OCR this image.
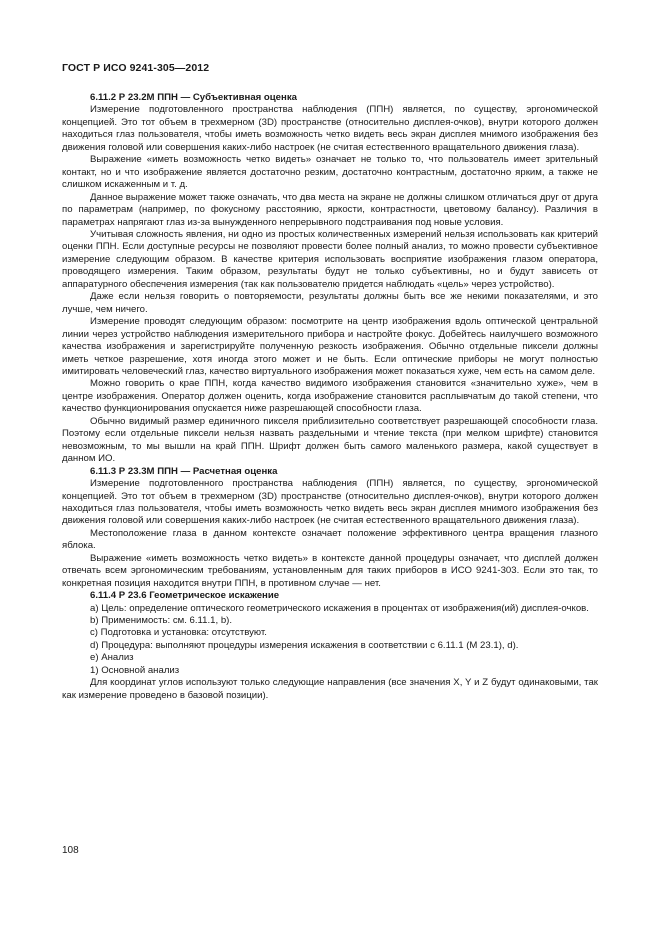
ГОСТ Р ИСО 9241-305—2012

6.11.2 Р 23.2М ППН — Субъективная оценка

Измерение подготовленного пространства наблюдения (ППН) является, по существу, эргономической концепцией. Это тот объем в трехмерном (3D) пространстве (относительно дисплея-очков), внутри которого должен находиться глаз пользователя, чтобы иметь возможность четко видеть весь экран дисплея мнимого изображения без движения головой или совершения каких-либо настроек (не считая естественного вращательного движения глаза).

Выражение «иметь возможность четко видеть» означает не только то, что пользователь имеет зрительный контакт, но и что изображение является достаточно резким, достаточно контрастным, достаточно ярким, а также не слишком искаженным и т. д.

Данное выражение может также означать, что два места на экране не должны слишком отличаться друг от друга по параметрам (например, по фокусному расстоянию, яркости, контрастности, цветовому балансу). Различия в параметрах напрягают глаз из-за вынужденного непрерывного подстраивания под новые условия.

Учитывая сложность явления, ни одно из простых количественных измерений нельзя использовать как критерий оценки ППН. Если доступные ресурсы не позволяют провести более полный анализ, то можно провести субъективное измерение следующим образом. В качестве критерия использовать восприятие изображения глазом оператора, проводящего измерения. Таким образом, результаты будут не только субъективны, но и будут зависеть от аппаратурного обеспечения измерения (так как пользователю придется наблюдать «цель» через устройство).

Даже если нельзя говорить о повторяемости, результаты должны быть все же некими показателями, и это лучше, чем ничего.

Измерение проводят следующим образом: посмотрите на центр изображения вдоль оптической центральной линии через устройство наблюдения измерительного прибора и настройте фокус. Добейтесь наилучшего возможного качества изображения и зарегистрируйте полученную резкость изображения. Обычно отдельные пиксели должны иметь четкое разрешение, хотя иногда этого может и не быть. Если оптические приборы не могут полностью имитировать человеческий глаз, качество виртуального изображения может показаться хуже, чем есть на самом деле.

Можно говорить о крае ППН, когда качество видимого изображения становится «значительно хуже», чем в центре изображения. Оператор должен оценить, когда изображение становится расплывчатым до такой степени, что качество функционирования опускается ниже разрешающей способности глаза.

Обычно видимый размер единичного пикселя приблизительно соответствует разрешающей способности глаза. Поэтому если отдельные пиксели нельзя назвать раздельными и чтение текста (при мелком шрифте) становится невозможным, то мы вышли на край ППН. Шрифт должен быть самого маленького размера, какой существует в данном ИО.

6.11.3 Р 23.3М ППН — Расчетная оценка

Измерение подготовленного пространства наблюдения (ППН) является, по существу, эргономической концепцией. Это тот объем в трехмерном (3D) пространстве (относительно дисплея-очков), внутри которого должен находиться глаз пользователя, чтобы иметь возможность четко видеть весь экран дисплея мнимого изображения без движения головой или совершения каких-либо настроек (не считая естественного вращательного движения глаза).

Местоположение глаза в данном контексте означает положение эффективного центра вращения глазного яблока.

Выражение «иметь возможность четко видеть» в контексте данной процедуры означает, что дисплей должен отвечать всем эргономическим требованиям, установленным для таких приборов в ИСО 9241-303. Если это так, то конкретная позиция находится внутри ППН, в противном случае — нет.

6.11.4 Р 23.6 Геометрическое искажение

a) Цель: определение оптического геометрического искажения в процентах от изображения(ий) дисплея-очков.

b) Применимость: см. 6.11.1, b).

c) Подготовка и установка: отсутствуют.

d) Процедура: выполняют процедуры измерения искажения в соответствии с 6.11.1 (М 23.1), d).

e) Анализ

1) Основной анализ

Для координат углов используют только следующие направления (все значения X, Y и Z будут одинаковыми, так как измерение проведено в базовой позиции).

108
